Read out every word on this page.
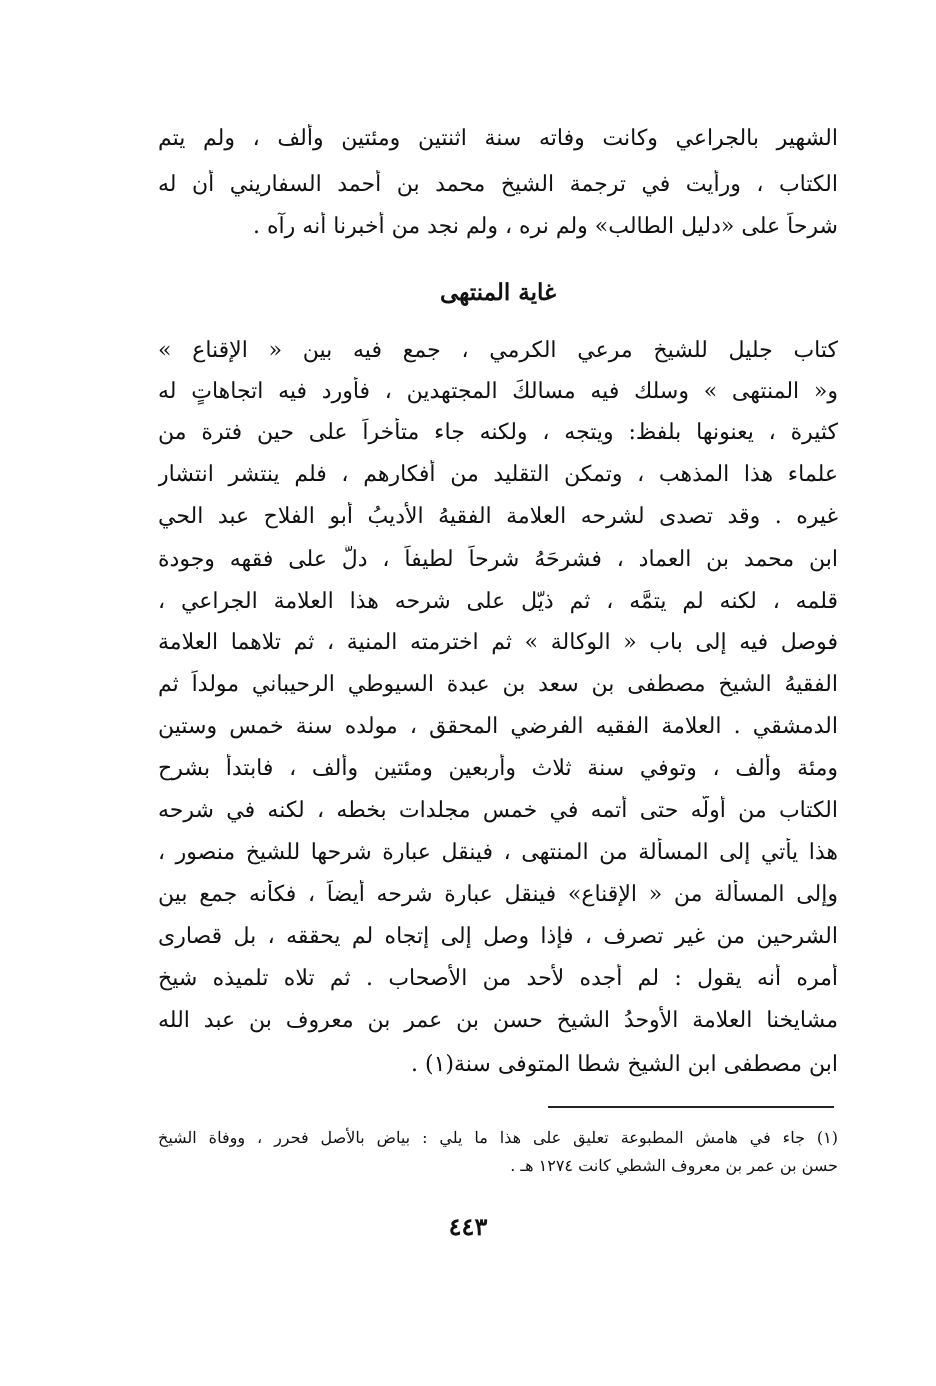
الشهير بالجراعي وكانت وفاته سنة اثنتين ومئتين وألف ، ولم يتم
الكتاب ، ورأيت في ترجمة الشيخ محمد بن أحمد السفاريني أن له
شرحاً على «دليل الطالب» ولم نره ، ولم نجد من أخبرنا أنه رآه .
غاية المنتهى
كتاب جليل للشيخ مرعي الكرمي ، جمع فيه بين « الإقناع »
و« المنتهى » وسلك فيه مسالكَ المجتهدين ، فأورد فيه اتجاهاتٍ له
كثيرة ، يعنونها بلفظ: ويتجه ، ولكنه جاء متأخراً على حين فترة من
علماء هذا المذهب ، وتمكن التقليد من أفكارهم ، فلم ينتشر انتشار
غيره . وقد تصدى لشرحه العلامة الفقيهُ الأديبُ أبو الفلاح عبد الحي
ابن محمد بن العماد ، فشرحَهُ شرحاً لطيفاً ، دلَّ على فقهه وجودة
قلمه ، لكنه لم يتمَّه ، ثم ذيّل على شرحه هذا العلامة الجراعي ،
فوصل فيه إلى باب « الوكالة » ثم اخترمته المنية ، ثم تلاهما العلامة
الفقيهُ الشيخ مصطفى بن سعد بن عبدة السيوطي الرحيباني مولداً ثم
الدمشقي . العلامة الفقيه الفرضي المحقق ، مولده سنة خمس وستين
ومئة وألف ، وتوفي سنة ثلاث وأربعين ومئتين وألف ، فابتدأ بشرح
الكتاب من أولّه حتى أتمه في خمس مجلدات بخطه ، لكنه في شرحه
هذا يأتي إلى المسألة من المنتهى ، فينقل عبارة شرحها للشيخ منصور ،
وإلى المسألة من « الإقناع» فينقل عبارة شرحه أيضاً ، فكأنه جمع بين
الشرحين من غير تصرف ، فإذا وصل إلى إتجاه لم يحققه ، بل قصارى
أمره أنه يقول : لم أجده لأحد من الأصحاب . ثم تلاه تلميذه شيخ
مشايخنا العلامة الأوحدُ الشيخ حسن بن عمر بن معروف بن عبد الله
ابن مصطفى ابن الشيخ شطا المتوفى سنة(١) .
(١) جاء في هامش المطبوعة تعليق على هذا ما يلي : بياض بالأصل فحرر ، ووفاة الشيخ
حسن بن عمر بن معروف الشطي كانت ١٢٧٤ هـ .
٤٤٣
